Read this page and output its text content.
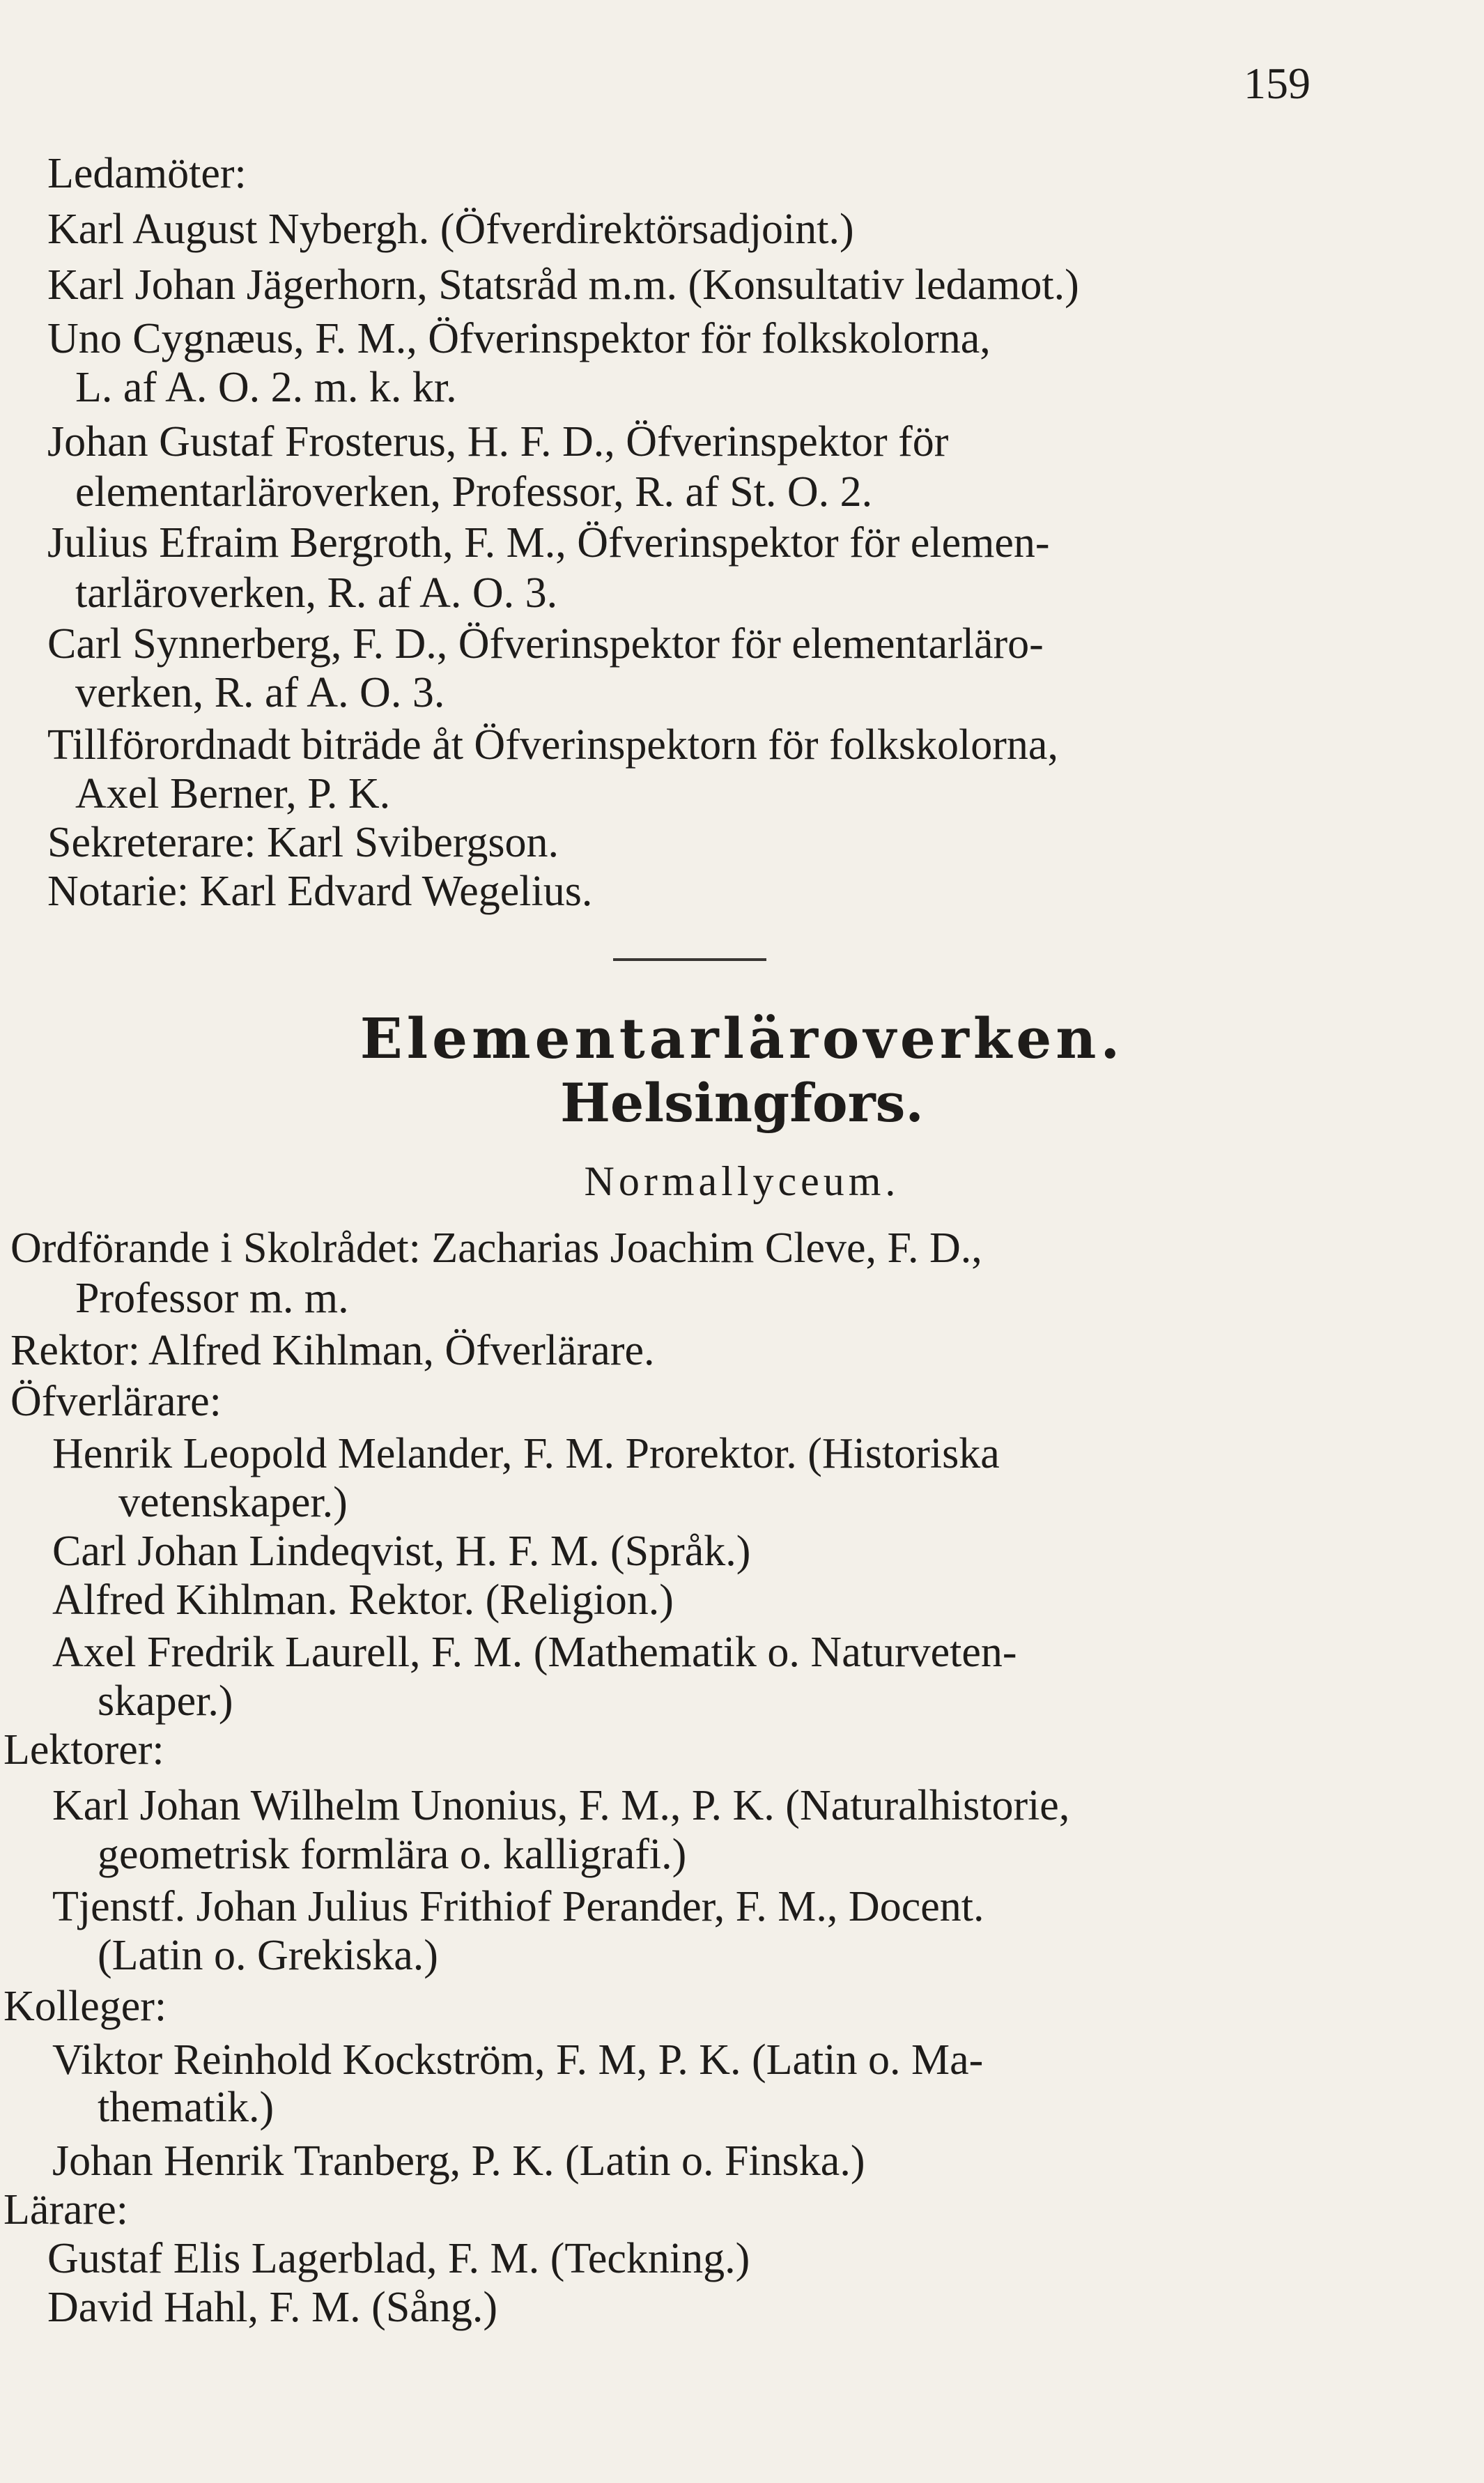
159
Ledamöter:
Karl August Nybergh. (Öfverdirektörsadjoint.)
Karl Johan Jägerhorn, Statsråd m.m. (Konsultativ ledamot.)
Uno Cygnæus, F. M., Öfverinspektor för folkskolorna,
L. af A. O. 2. m. k. kr.
Johan Gustaf Frosterus, H. F. D., Öfverinspektor för
elementarläroverken, Professor, R. af St. O. 2.
Julius Efraim Bergroth, F. M., Öfverinspektor för elemen-
tarläroverken, R. af A. O. 3.
Carl Synnerberg, F. D., Öfverinspektor för elementarläro-
verken, R. af A. O. 3.
Tillförordnadt biträde åt Öfverinspektorn för folkskolorna,
Axel Berner, P. K.
Sekreterare: Karl Svibergson.
Notarie: Karl Edvard Wegelius.
Elementarläroverken.
Helsingfors.
Normallyceum.
Ordförande i Skolrådet: Zacharias Joachim Cleve, F. D.,
Professor m. m.
Rektor: Alfred Kihlman, Öfverlärare.
Öfverlärare:
Henrik Leopold Melander, F. M. Prorektor. (Historiska
vetenskaper.)
Carl Johan Lindeqvist, H. F. M. (Språk.)
Alfred Kihlman. Rektor. (Religion.)
Axel Fredrik Laurell, F. M. (Mathematik o. Naturveten-
skaper.)
Lektorer:
Karl Johan Wilhelm Unonius, F. M., P. K. (Naturalhistorie,
geometrisk formlära o. kalligrafi.)
Tjenstf. Johan Julius Frithiof Perander, F. M., Docent.
(Latin o. Grekiska.)
Kolleger:
Viktor Reinhold Kockström, F. M, P. K. (Latin o. Ma-
thematik.)
Johan Henrik Tranberg, P. K. (Latin o. Finska.)
Lärare:
Gustaf Elis Lagerblad, F. M. (Teckning.)
David Hahl, F. M. (Sång.)
